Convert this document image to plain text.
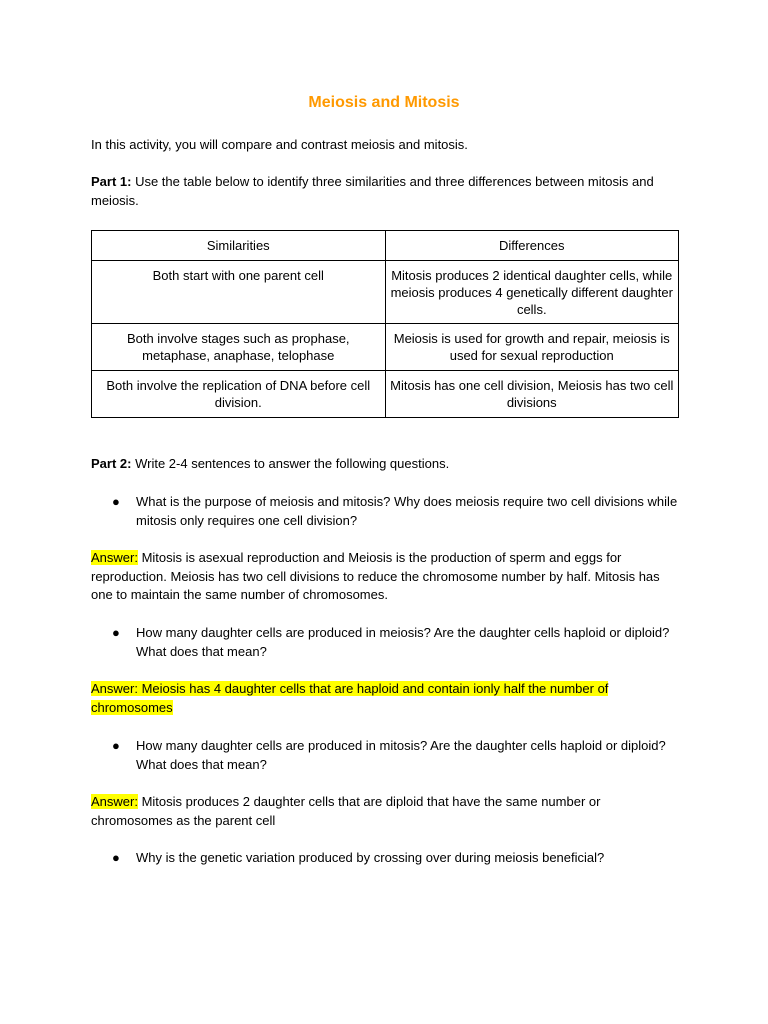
Meiosis and Mitosis
In this activity, you will compare and contrast meiosis and mitosis.
Part 1: Use the table below to identify three similarities and three differences between mitosis and meiosis.
Similarities	Differences
Both start with one parent cell	Mitosis produces 2 identical daughter cells, while meiosis produces 4 genetically different daughter cells.
Both involve stages such as prophase, metaphase, anaphase, telophase	Meiosis is used for growth and repair, meiosis is used for sexual reproduction
Both involve the replication of DNA before cell division.	Mitosis has one cell division, Meiosis has two cell divisions
Part 2: Write 2-4 sentences to answer the following questions.
●	What is the purpose of meiosis and mitosis? Why does meiosis require two cell divisions while mitosis only requires one cell division?
Answer: Mitosis is asexual reproduction and Meiosis is the production of sperm and eggs for reproduction. Meiosis has two cell divisions to reduce the chromosome number by half. Mitosis has one to maintain the same number of chromosomes.
●	How many daughter cells are produced in meiosis? Are the daughter cells haploid or diploid? What does that mean?
Answer: Meiosis has 4 daughter cells that are haploid and contain ionly half the number of chromosomes
●	How many daughter cells are produced in mitosis? Are the daughter cells haploid or diploid? What does that mean?
Answer: Mitosis produces 2 daughter cells that are diploid that have the same number or chromosomes as the parent cell
●	Why is the genetic variation produced by crossing over during meiosis beneficial?
